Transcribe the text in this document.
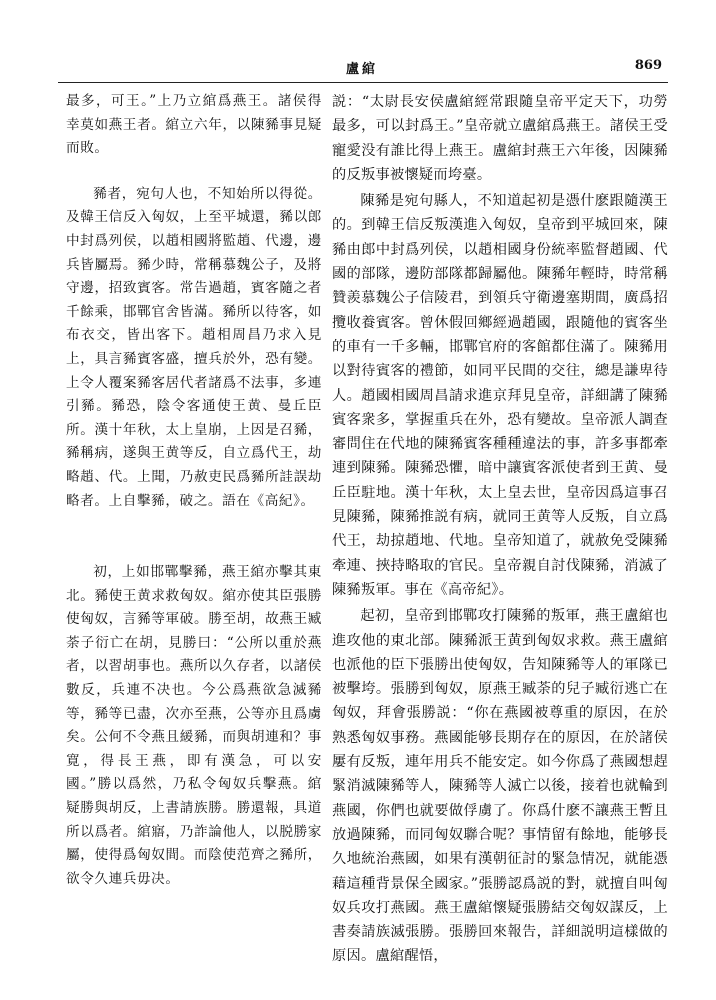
盧綰	869

最多，可王。”上乃立綰爲燕王。諸侯得幸莫如燕王者。綰立六年，以陳豨事見疑而敗。

豨者，宛句人也，不知始所以得從。及韓王信反入匈奴，上至平城還，豨以郎中封爲列侯，以趙相國將監趙、代邊，邊兵皆屬焉。豨少時，常稱慕魏公子，及將守邊，招致賓客。常告過趙，賓客隨之者千餘乘，邯鄲官舍皆滿。豨所以待客，如布衣交，皆出客下。趙相周昌乃求入見上，具言豨賓客盛，擅兵於外，恐有變。上令人覆案豨客居代者諸爲不法事，多連引豨。豨恐，陰令客通使王黄、曼丘臣所。漢十年秋，太上皇崩，上因是召豨，豨稱病，遂與王黄等反，自立爲代王，劫略趙、代。上聞，乃赦吏民爲豨所詿誤劫略者。上自擊豨，破之。語在《高紀》。

初，上如邯鄲擊豨，燕王綰亦擊其東北。豨使王黄求救匈奴。綰亦使其臣張勝使匈奴，言豨等軍破。勝至胡，故燕王臧荼子衍亡在胡，見勝曰：“公所以重於燕者，以習胡事也。燕所以久存者，以諸侯數反，兵連不决也。今公爲燕欲急滅豨等，豨等已盡，次亦至燕，公等亦且爲虜矣。公何不令燕且緩豨，而與胡連和？事寛，得長王燕，即有漢急，可以安國。”勝以爲然，乃私令匈奴兵擊燕。綰疑勝與胡反，上書請族勝。勝還報，具道所以爲者。綰寤，乃詐論他人，以脱勝家屬，使得爲匈奴間。而陰使范齊之豨所，欲令久連兵毋决。

説：“太尉長安侯盧綰經常跟隨皇帝平定天下，功勞最多，可以封爲王。”皇帝就立盧綰爲燕王。諸侯王受寵愛没有誰比得上燕王。盧綰封燕王六年後，因陳豨的反叛事被懷疑而垮臺。

陳豨是宛句縣人，不知道起初是憑什麽跟隨漢王的。到韓王信反叛漢進入匈奴，皇帝到平城回來，陳豨由郎中封爲列侯，以趙相國身份統率監督趙國、代國的部隊，邊防部隊都歸屬他。陳豨年輕時，時常稱贊羨慕魏公子信陵君，到領兵守衛邊塞期間，廣爲招攬收養賓客。曾休假回鄉經過趙國，跟隨他的賓客坐的車有一千多輛，邯鄲官府的客館都住滿了。陳豨用以對待賓客的禮節，如同平民間的交往，總是謙卑待人。趙國相國周昌請求進京拜見皇帝，詳細講了陳豨賓客衆多，掌握重兵在外，恐有變故。皇帝派人調查審問住在代地的陳豨賓客種種違法的事，許多事都牽連到陳豨。陳豨恐懼，暗中讓賓客派使者到王黄、曼丘臣駐地。漢十年秋，太上皇去世，皇帝因爲這事召見陳豨，陳豨推説有病，就同王黄等人反叛，自立爲代王，劫掠趙地、代地。皇帝知道了，就赦免受陳豨牽連、挾持略取的官民。皇帝親自討伐陳豨，消滅了陳豨叛軍。事在《高帝紀》。

起初，皇帝到邯鄲攻打陳豨的叛軍，燕王盧綰也進攻他的東北部。陳豨派王黄到匈奴求救。燕王盧綰也派他的臣下張勝出使匈奴，告知陳豨等人的軍隊已被擊垮。張勝到匈奴，原燕王臧荼的兒子臧衍逃亡在匈奴，拜會張勝説：“你在燕國被尊重的原因，在於熟悉匈奴事務。燕國能够長期存在的原因，在於諸侯屢有反叛，連年用兵不能安定。如今你爲了燕國想趕緊消滅陳豨等人，陳豨等人滅亡以後，接着也就輪到燕國，你們也就要做俘虜了。你爲什麽不讓燕王暫且放過陳豨，而同匈奴聯合呢？事情留有餘地，能够長久地統治燕國，如果有漢朝征討的緊急情况，就能憑藉這種背景保全國家。”張勝認爲説的對，就擅自叫匈奴兵攻打燕國。燕王盧綰懷疑張勝結交匈奴謀反，上書奏請族滅張勝。張勝回來報告，詳細説明這樣做的原因。盧綰醒悟，
